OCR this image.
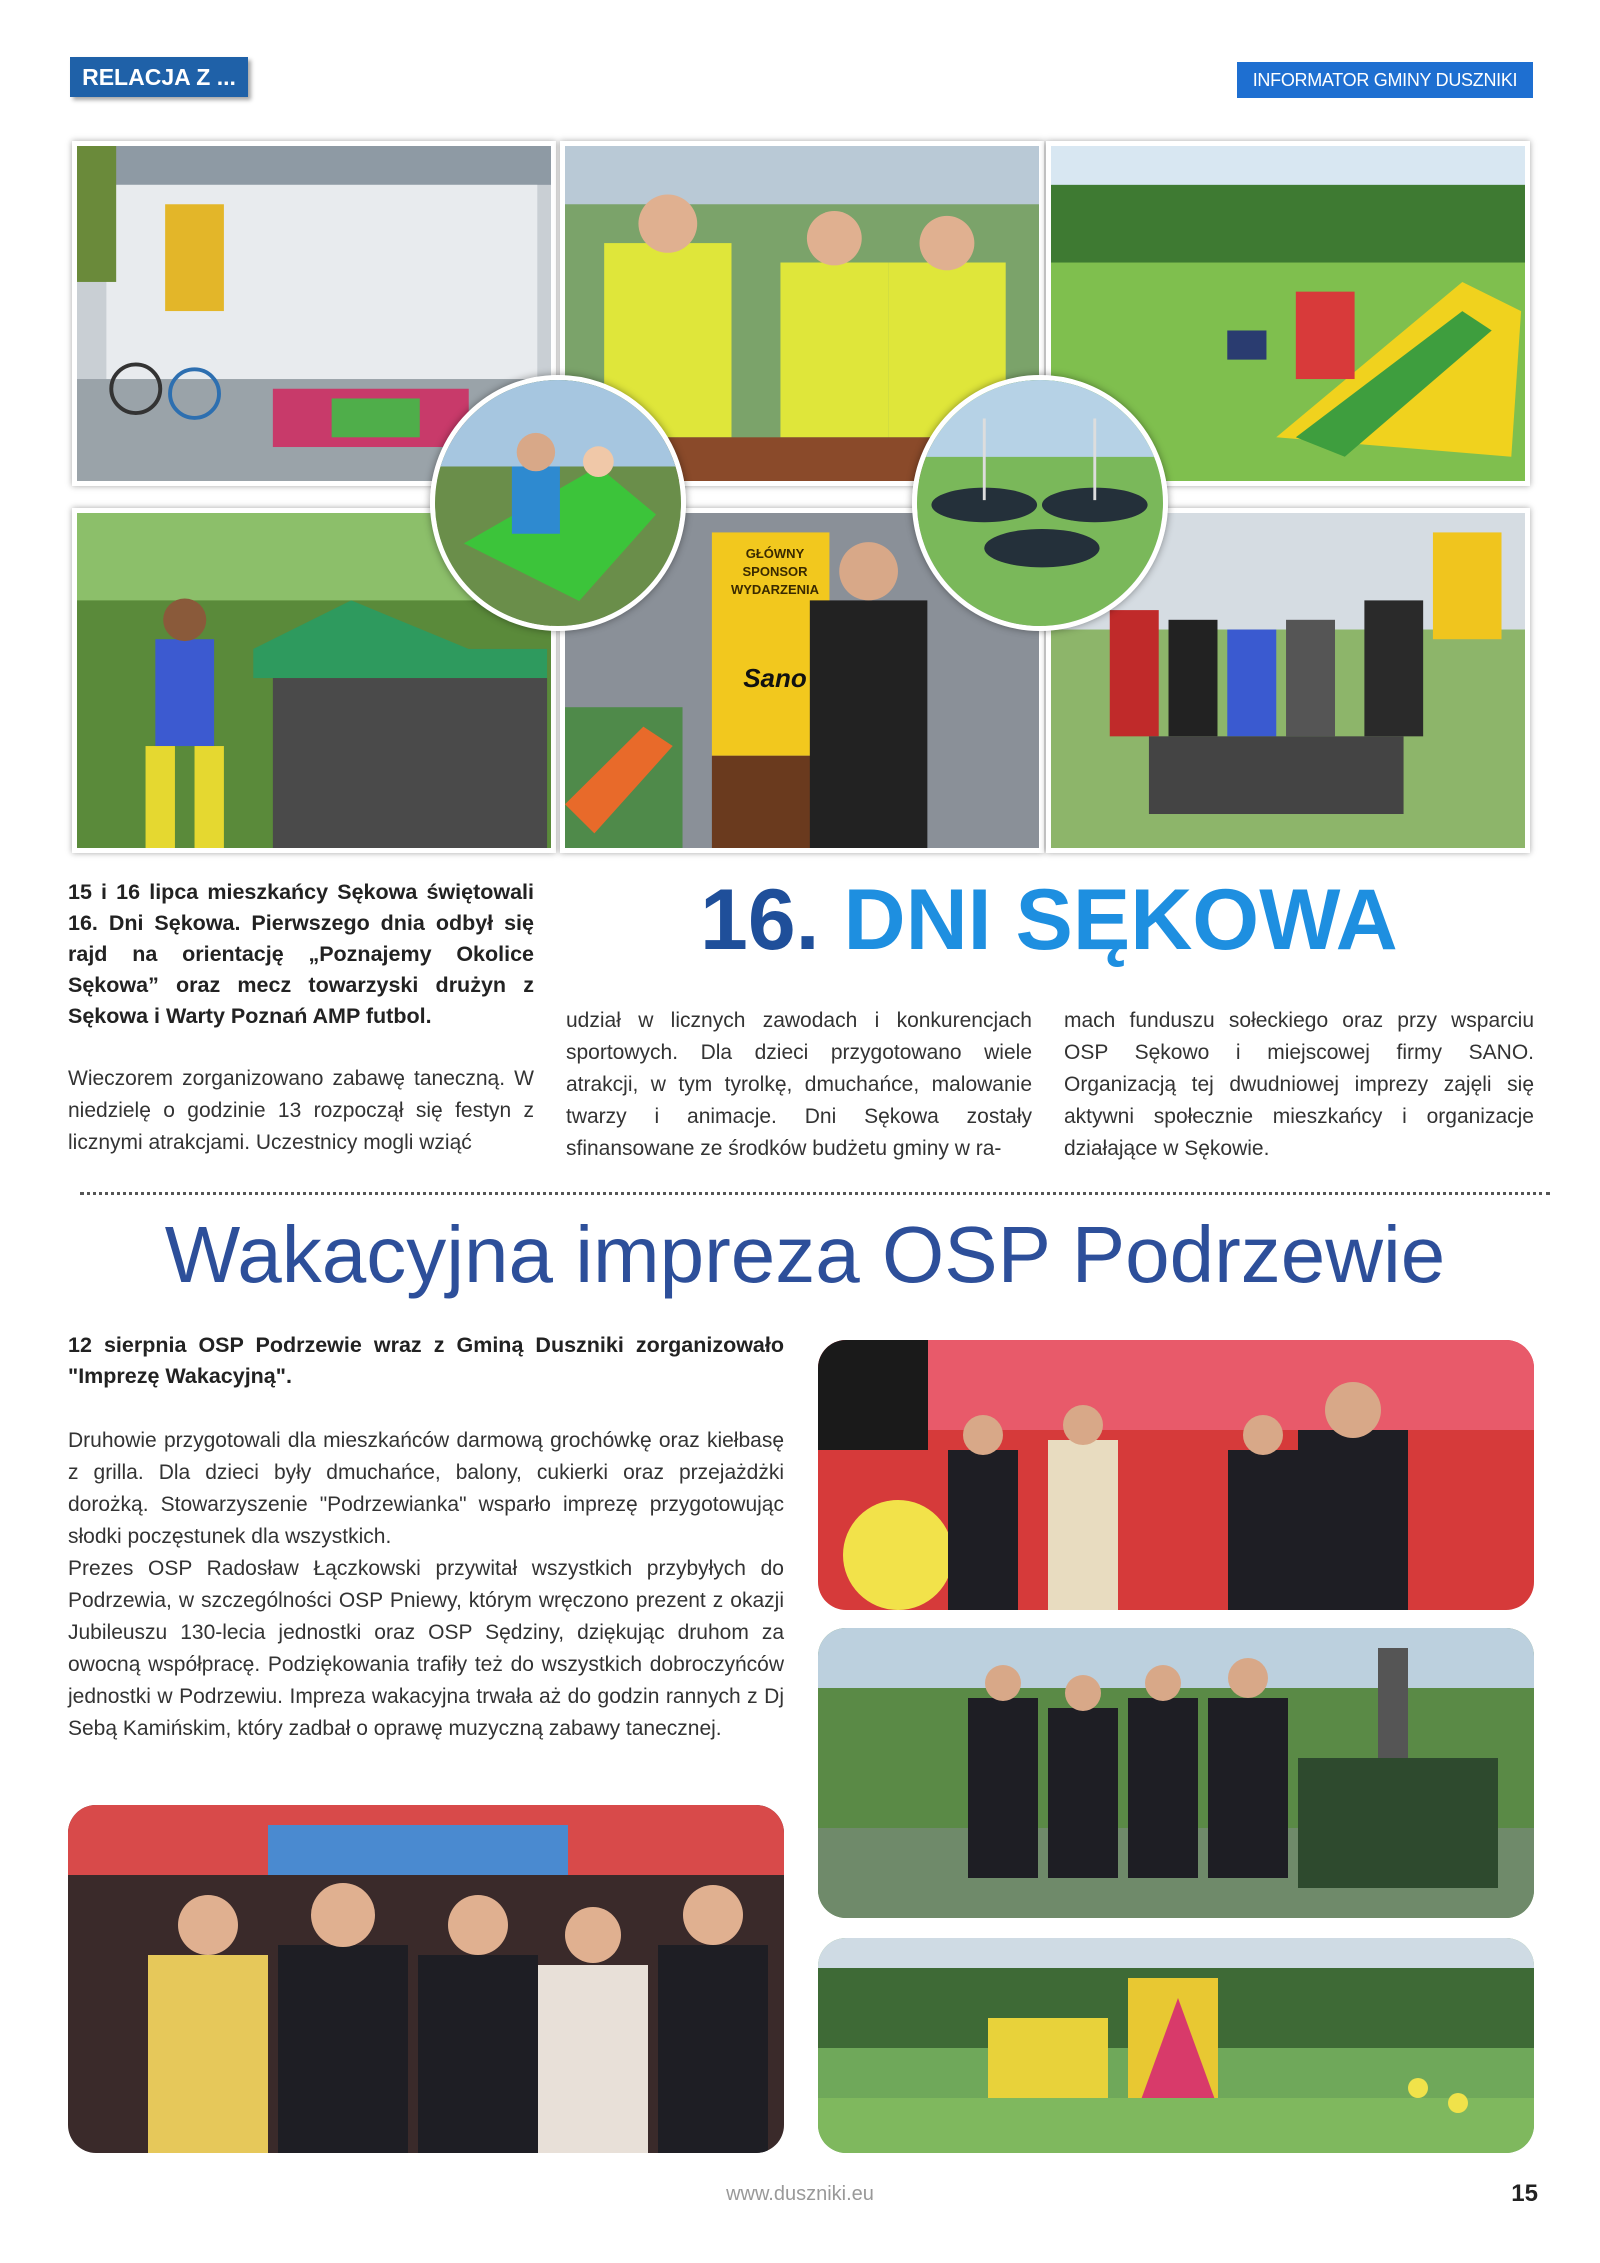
RELACJA Z ...	INFORMATOR GMINY DUSZNIKI
GŁÓWNY SPONSOR WYDARZENIA
Sano
15 i 16 lipca mieszkańcy Sękowa świętowali 16. Dni Sękowa. Pierwszego dnia odbył się rajd na orientację „Poznajemy Okolice Sękowa” oraz mecz towarzyski drużyn z Sękowa i Warty Poznań AMP futbol.
Wieczorem zorganizowano zabawę taneczną. W niedzielę o godzinie 13 rozpoczął się festyn z licznymi atrakcjami. Uczestnicy mogli wziąć
16. DNI SĘKOWA
udział w licznych zawodach i konkurencjach sportowych. Dla dzieci przygotowano wiele atrakcji, w tym tyrolkę, dmuchańce, malowanie twarzy i animacje. Dni Sękowa zostały sfinansowane ze środków budżetu gminy w ra-
mach funduszu sołeckiego oraz przy wsparciu OSP Sękowo i miejscowej firmy SANO. Organizacją tej dwudniowej imprezy zajęli się aktywni społecznie mieszkańcy i organizacje działające w Sękowie.
Wakacyjna impreza OSP Podrzewie
12 sierpnia OSP Podrzewie wraz z Gminą Duszniki zorganizowało "Imprezę Wakacyjną".
Druhowie przygotowali dla mieszkańców darmową grochówkę oraz kiełbasę z grilla. Dla dzieci były dmuchańce, balony, cukierki oraz przejażdżki dorożką. Stowarzyszenie "Podrzewianka" wsparło imprezę przygotowując słodki poczęstunek dla wszystkich.
Prezes OSP Radosław Łączkowski przywitał wszystkich przybyłych do Podrzewia, w szczególności OSP Pniewy, którym wręczono prezent z okazji Jubileuszu 130-lecia jednostki oraz OSP Sędziny, dziękując druhom za owocną współpracę. Podziękowania trafiły też do wszystkich dobroczyńców jednostki w Podrzewiu. Impreza wakacyjna trwała aż do godzin rannych z Dj Sebą Kamińskim, który zadbał o oprawę muzyczną zabawy tanecznej.
www.duszniki.eu	15
